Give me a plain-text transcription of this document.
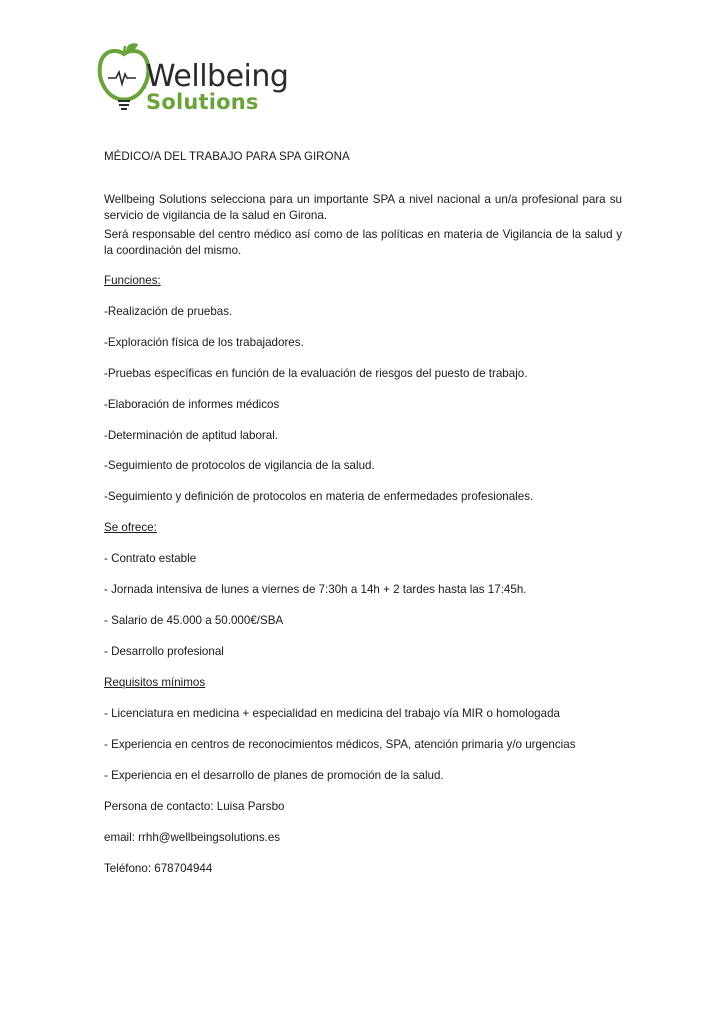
Wellbeing
Solutions
MÉDICO/A DEL TRABAJO PARA SPA GIRONA

Wellbeing Solutions selecciona para un importante SPA a nivel nacional a un/a profesional para su servicio de vigilancia de la salud en Girona.

Será responsable del centro médico así como de las políticas en materia de Vigilancia de la salud y la coordinación del mismo.

Funciones:
-Realización de pruebas.
-Exploración física de los trabajadores.
-Pruebas específicas en función de la evaluación de riesgos del puesto de trabajo.
-Elaboración de informes médicos
-Determinación de aptitud laboral.
-Seguimiento de protocolos de vigilancia de la salud.
-Seguimiento y definición de protocolos en materia de enfermedades profesionales.
Se ofrece:
- Contrato estable
- Jornada intensiva de lunes a viernes de 7:30h a 14h + 2 tardes hasta las 17:45h.
- Salario de 45.000 a 50.000€/SBA
- Desarrollo profesional
Requisitos mínimos
- Licenciatura en medicina + especialidad en medicina del trabajo vía MIR o homologada
- Experiencia en centros de reconocimientos médicos, SPA, atención primaria y/o urgencias
- Experiencia en el desarrollo de planes de promoción de la salud.
Persona de contacto: Luisa Parsbo
email: rrhh@wellbeingsolutions.es
Teléfono: 678704944
